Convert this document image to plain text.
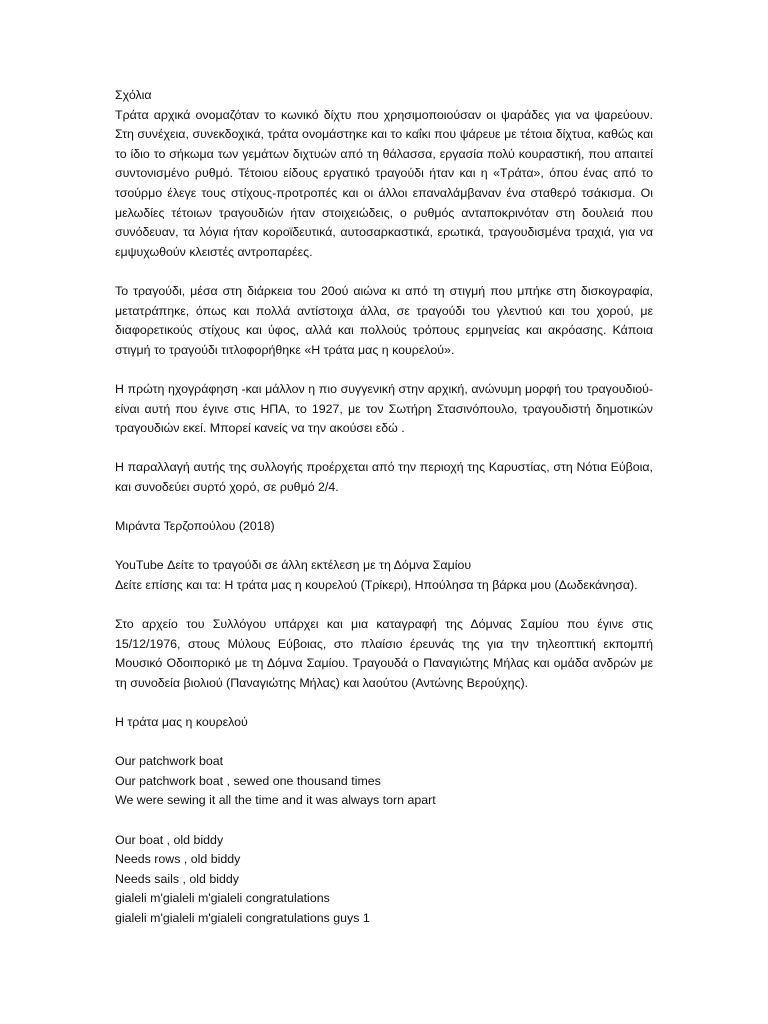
Σχόλια

Τράτα αρχικά ονομαζόταν το κωνικό δίχτυ που χρησιμοποιούσαν οι ψαράδες για να ψαρεύουν. Στη συνέχεια, συνεκδοχικά, τράτα ονομάστηκε και το καΐκι που ψάρευε με τέτοια δίχτυα, καθώς και το ίδιο το σήκωμα των γεμάτων διχτυών από τη θάλασσα, εργασία πολύ κουραστική, που απαιτεί συντονισμένο ρυθμό. Τέτοιου είδους εργατικό τραγούδι ήταν και η «Τράτα», όπου ένας από το τσούρμο έλεγε τους στίχους-προτροπές και οι άλλοι επαναλάμβαναν ένα σταθερό τσάκισμα. Οι μελωδίες τέτοιων τραγουδιών ήταν στοιχειώδεις, ο ρυθμός ανταποκρινόταν στη δουλειά που συνόδευαν, τα λόγια ήταν κοροϊδευτικά, αυτοσαρκαστικά, ερωτικά, τραγουδισμένα τραχιά, για να εμψυχωθούν κλειστές αντροπαρέες.

Το τραγούδι, μέσα στη διάρκεια του 20ού αιώνα κι από τη στιγμή που μπήκε στη δισκογραφία, μετατράπηκε, όπως και πολλά αντίστοιχα άλλα, σε τραγούδι του γλεντιού και του χορού, με διαφορετικούς στίχους και ύφος, αλλά και πολλούς τρόπους ερμηνείας και ακρόασης. Κάποια στιγμή το τραγούδι τιτλοφορήθηκε «Η τράτα μας η κουρελού».

Η πρώτη ηχογράφηση -και μάλλον η πιο συγγενική στην αρχική, ανώνυμη μορφή του τραγουδιού- είναι αυτή που έγινε στις ΗΠΑ, το 1927, με τον Σωτήρη Στασινόπουλο, τραγουδιστή δημοτικών τραγουδιών εκεί. Μπορεί κανείς να την ακούσει εδώ .

Η παραλλαγή αυτής της συλλογής προέρχεται από την περιοχή της Καρυστίας, στη Νότια Εύβοια, και συνοδεύει συρτό χορό, σε ρυθμό 2/4.

Μιράντα Τερζοπούλου (2018)
YouTube Δείτε το τραγούδι σε άλλη εκτέλεση με τη Δόμνα Σαμίου
Δείτε επίσης και τα: Η τράτα μας η κουρελού (Τρίκερι), Ηπούλησα τη βάρκα μου (Δωδεκάνησα).

Στο αρχείο του Συλλόγου υπάρχει και μια καταγραφή της Δόμνας Σαμίου που έγινε στις 15/12/1976, στους Μύλους Εύβοιας, στο πλαίσιο έρευνάς της για την τηλεοπτική εκπομπή Μουσικό Οδοιπορικό με τη Δόμνα Σαμίου. Τραγουδά ο Παναγιώτης Μήλας και ομάδα ανδρών με τη συνοδεία βιολιού (Παναγιώτης Μήλας) και λαούτου (Αντώνης Βερούχης).

Η τράτα μας η κουρελού
Our patchwork boat
Our patchwork boat , sewed one thousand times
We were sewing it all the time and it was always torn apart
Our boat , old biddy
Needs rows , old biddy
Needs sails , old biddy
gialeli m'gialeli m'gialeli congratulations
gialeli m'gialeli m'gialeli congratulations guys 1
